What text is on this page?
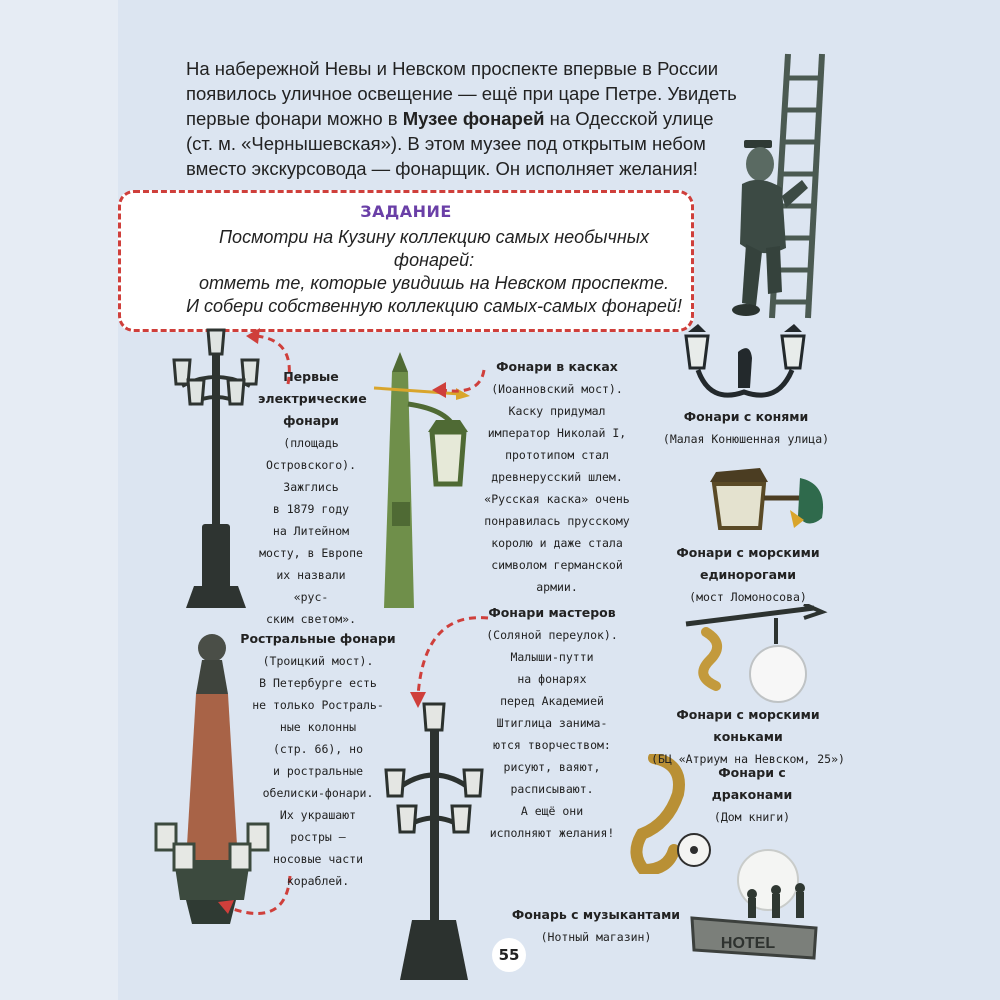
На набережной Невы и Невском проспекте впервые в России

появилось уличное освещение — ещё при царе Петре. Увидеть

первые фонари можно в Музее фонарей на Одесской улице

(ст. м. «Чернышевская»). В этом музее под открытым небом

вместо экскурсовода — фонарщик. Он исполняет желания!

ЗАДАНИЕ
Посмотри на Кузину коллекцию самых необычных фонарей:
отметь те, которые увидишь на Невском проспекте.
И собери собственную коллекцию самых-самых фонарей!
HOTEL
Первые электрические фонари
(площадь
Островского).
Зажглись
в 1879 году
на Литейном
мосту, в Европе
их назвали «рус-
ским светом».
Фонари в касках
(Иоанновский мост).
Каску придумал
император Николай I,
прототипом стал
древнерусский шлем.
«Русская каска» очень
понравилась прусскому
королю и даже стала
символом германской
армии.
Фонари с конями
(Малая Конюшенная улица)
Фонари с морскими единорогами
(мост Ломоносова)
Ростральные фонари
(Троицкий мост).
В Петербурге есть
не только Ростраль-
ные колонны
(стр. 66), но
и ростральные
обелиски-фонари.
Их украшают
ростры —
носовые части
кораблей.
Фонари мастеров
(Соляной переулок).
Малыши-путти
на фонарях
перед Академией
Штиглица занима-
ются творчеством:
рисуют, ваяют,
расписывают.
А ещё они
исполняют желания!
Фонари с морскими коньками
(БЦ «Атриум на Невском, 25»)
Фонари с драконами
(Дом книги)
Фонарь с музыкантами
(Нотный магазин)
55
